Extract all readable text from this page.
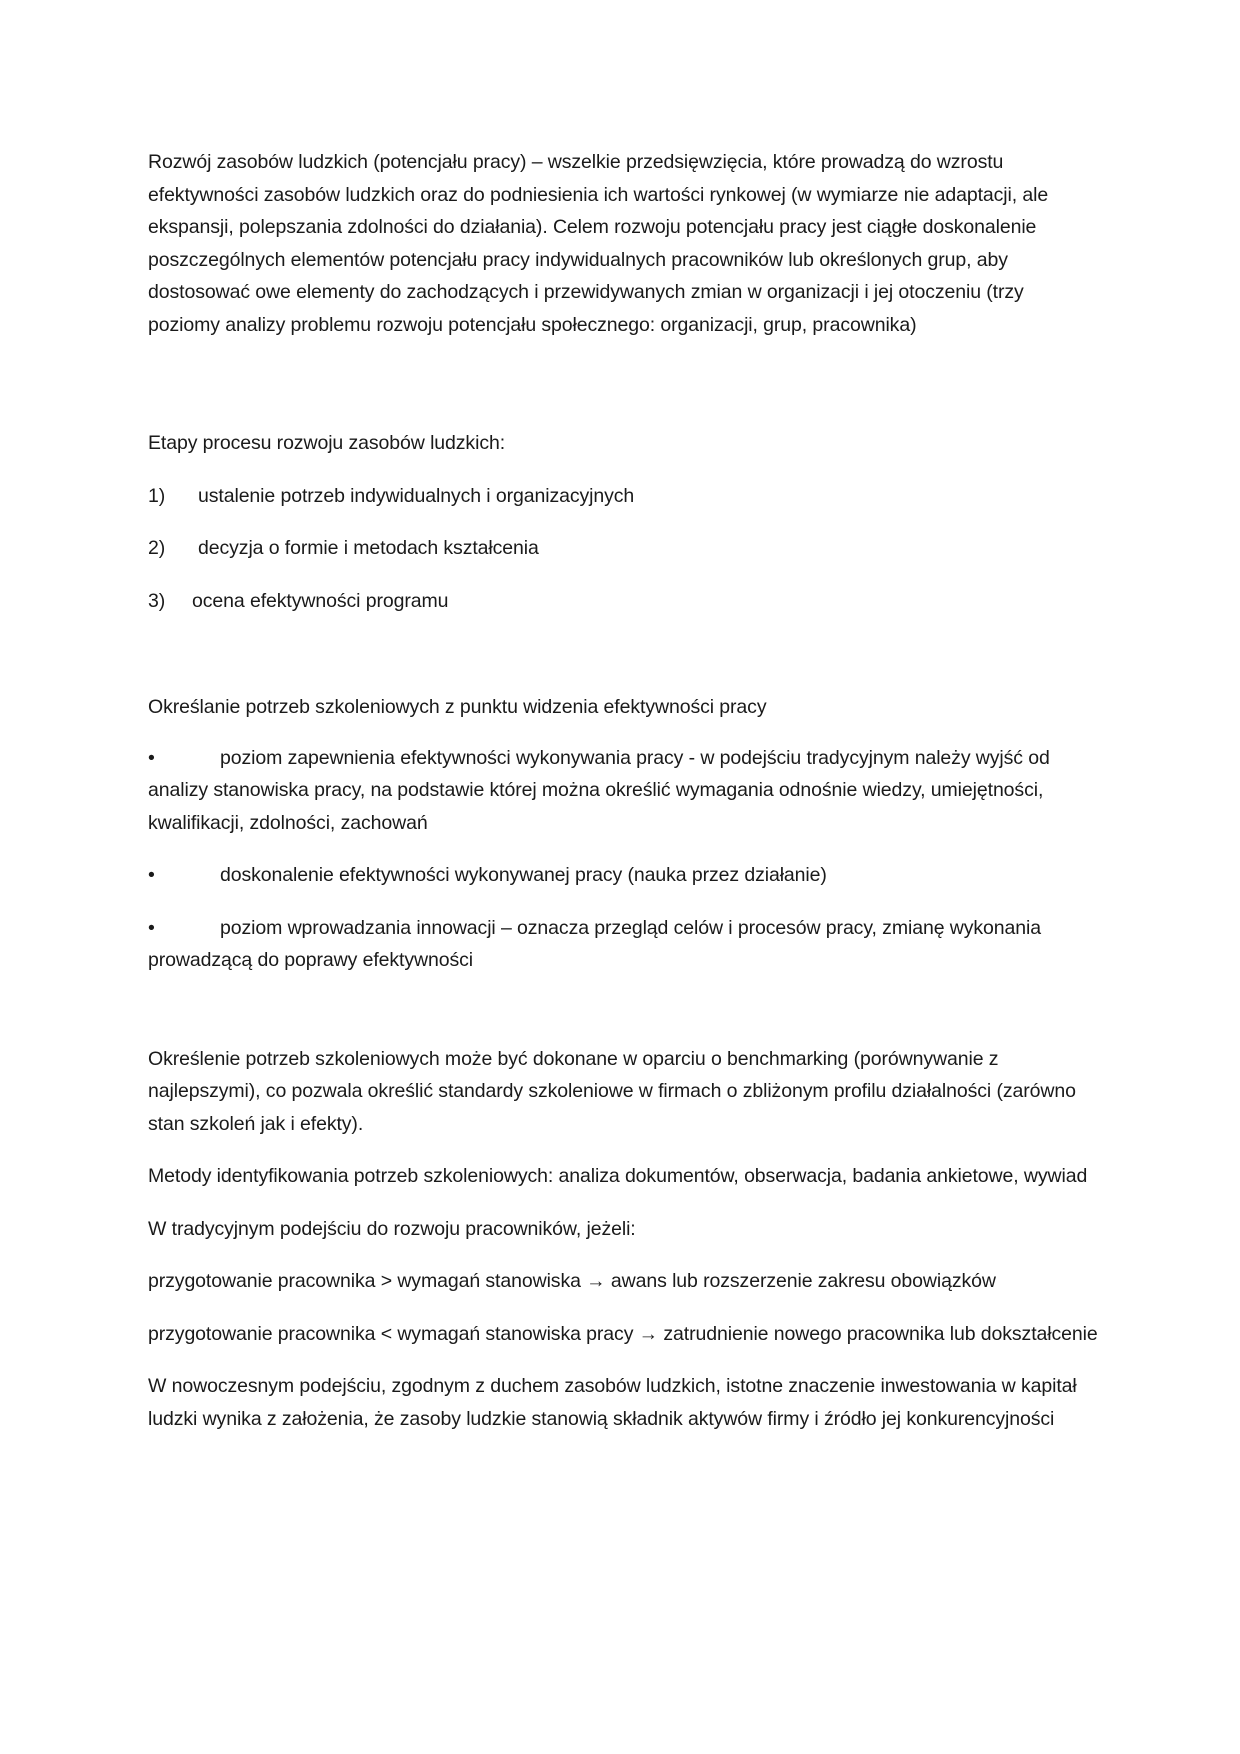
Rozwój zasobów ludzkich (potencjału pracy) – wszelkie przedsięwzięcia, które prowadzą do wzrostu efektywności zasobów ludzkich oraz do podniesienia ich wartości rynkowej (w wymiarze nie adaptacji, ale ekspansji, polepszania zdolności do działania). Celem rozwoju potencjału pracy jest ciągłe doskonalenie poszczególnych elementów potencjału pracy indywidualnych pracowników lub określonych grup, aby dostosować owe elementy do zachodzących i przewidywanych zmian w organizacji i jej otoczeniu (trzy poziomy analizy problemu rozwoju potencjału społecznego: organizacji, grup, pracownika)

Etapy procesu rozwoju zasobów ludzkich:

1)	ustalenie potrzeb indywidualnych i organizacyjnych
2)	decyzja o formie i metodach kształcenia
3)	ocena efektywności programu

Określanie potrzeb szkoleniowych z punktu widzenia efektywności pracy

•	poziom zapewnienia efektywności wykonywania pracy - w podejściu tradycyjnym należy wyjść od analizy stanowiska pracy, na podstawie której można określić wymagania odnośnie wiedzy, umiejętności, kwalifikacji, zdolności, zachowań

•	doskonalenie efektywności wykonywanej pracy (nauka przez działanie)

•	poziom wprowadzania innowacji – oznacza przegląd celów i procesów pracy, zmianę wykonania prowadzącą do poprawy efektywności

Określenie potrzeb szkoleniowych może być dokonane w oparciu o benchmarking (porównywanie z najlepszymi), co pozwala określić standardy szkoleniowe w firmach o zbliżonym profilu działalności (zarówno stan szkoleń jak i efekty).

Metody identyfikowania potrzeb szkoleniowych: analiza dokumentów, obserwacja, badania ankietowe, wywiad

W tradycyjnym podejściu do rozwoju pracowników, jeżeli:

przygotowanie pracownika > wymagań stanowiska → awans lub rozszerzenie zakresu obowiązków

przygotowanie pracownika < wymagań stanowiska pracy → zatrudnienie nowego pracownika lub dokształcenie

W nowoczesnym podejściu, zgodnym z duchem zasobów ludzkich, istotne znaczenie inwestowania w kapitał ludzki wynika z założenia, że zasoby ludzkie stanowią składnik aktywów firmy i źródło jej konkurencyjności
